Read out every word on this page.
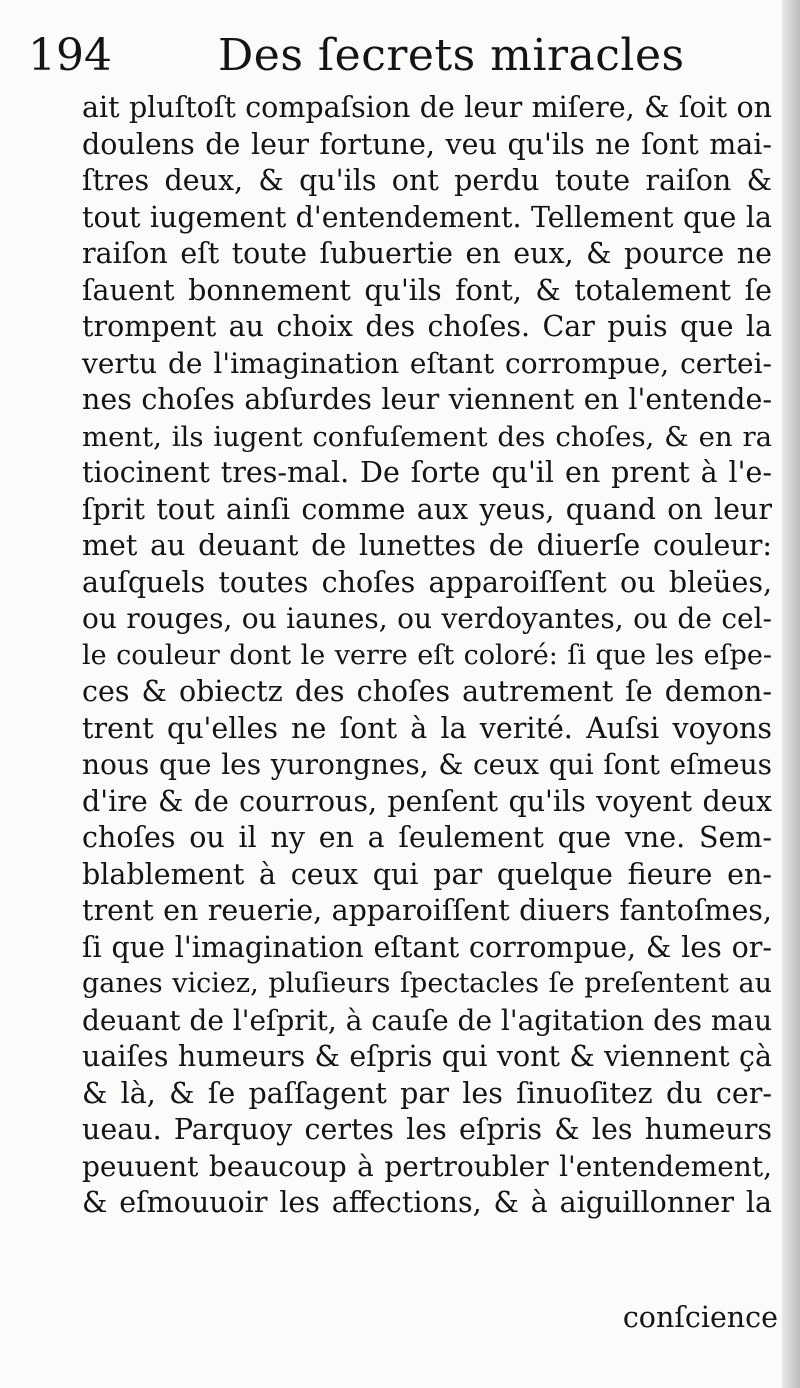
194 Des ſecrets miracles
ait pluſtoſt compaſsion de leur miſere, & ſoit on
doulens de leur fortune, veu qu'ils ne ſont mai-
ſtres deux, & qu'ils ont perdu toute raiſon &
tout iugement d'entendement. Tellement que la
raiſon eſt toute ſubuertie en eux, & pource ne
ſauent bonnement qu'ils font, & totalement ſe
trompent au choix des choſes. Car puis que la
vertu de l'imagination eſtant corrompue, certei-
nes choſes abſurdes leur viennent en l'entende-
ment, ils iugent confuſement des choſes, & en ra
tiocinent tres-mal. De ſorte qu'il en prent à l'e-
ſprit tout ainſi comme aux yeus, quand on leur
met au deuant de lunettes de diuerſe couleur:
auſquels toutes choſes apparoiſſent ou bleües,
ou rouges, ou iaunes, ou verdoyantes, ou de cel-
le couleur dont le verre eſt coloré: ſi que les eſpe-
ces & obiectz des choſes autrement ſe demon-
trent qu'elles ne ſont à la verité. Auſsi voyons
nous que les yurongnes, & ceux qui ſont eſmeus
d'ire & de courrous, penſent qu'ils voyent deux
choſes ou il ny en a ſeulement que vne. Sem-
blablement à ceux qui par quelque fieure en-
trent en reuerie, apparoiſſent diuers fantoſmes,
ſi que l'imagination eſtant corrompue, & les or-
ganes viciez, pluſieurs ſpectacles ſe preſentent au
deuant de l'eſprit, à cauſe de l'agitation des mau
uaiſes humeurs & eſpris qui vont & viennent çà
& là, & ſe paſſagent par les ſinuoſitez du cer-
ueau. Parquoy certes les eſpris & les humeurs
peuuent beaucoup à pertroubler l'entendement,
& eſmouuoir les affections, & à aiguillonner la
conſcience
